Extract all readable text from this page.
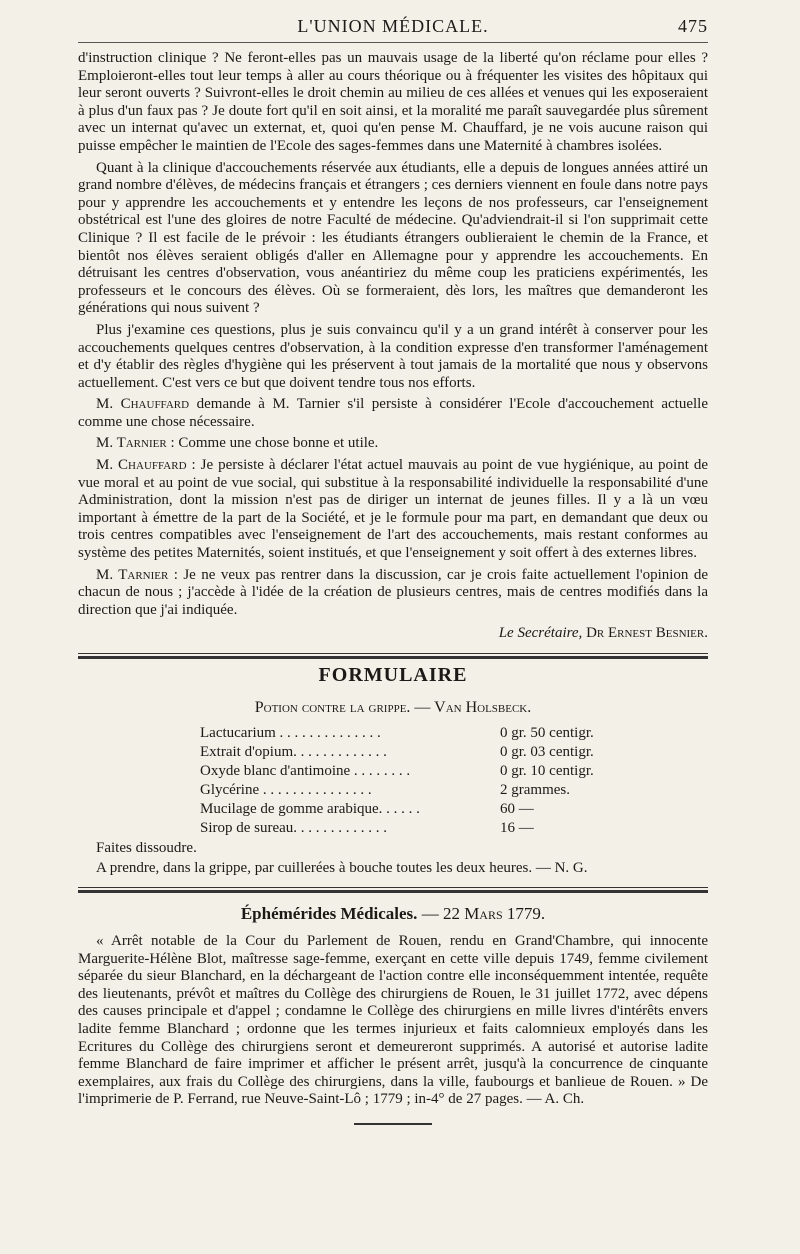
L'UNION MÉDICALE.	475

d'instruction clinique ? Ne feront-elles pas un mauvais usage de la liberté qu'on réclame pour elles ? Emploieront-elles tout leur temps à aller au cours théorique ou à fréquenter les visites des hôpitaux qui leur seront ouverts ? Suivront-elles le droit chemin au milieu de ces allées et venues qui les exposeraient à plus d'un faux pas ? Je doute fort qu'il en soit ainsi, et la moralité me paraît sauvegardée plus sûrement avec un internat qu'avec un externat, et, quoi qu'en pense M. Chauffard, je ne vois aucune raison qui puisse empêcher le maintien de l'Ecole des sages-femmes dans une Maternité à chambres isolées.

Quant à la clinique d'accouchements réservée aux étudiants, elle a depuis de longues années attiré un grand nombre d'élèves, de médecins français et étrangers ; ces derniers viennent en foule dans notre pays pour y apprendre les accouchements et y entendre les leçons de nos professeurs, car l'enseignement obstétrical est l'une des gloires de notre Faculté de médecine. Qu'adviendrait-il si l'on supprimait cette Clinique ? Il est facile de le prévoir : les étudiants étrangers oublieraient le chemin de la France, et bientôt nos élèves seraient obligés d'aller en Allemagne pour y apprendre les accouchements. En détruisant les centres d'observation, vous anéantiriez du même coup les praticiens expérimentés, les professeurs et le concours des élèves. Où se formeraient, dès lors, les maîtres que demanderont les générations qui nous suivent ?

Plus j'examine ces questions, plus je suis convaincu qu'il y a un grand intérêt à conserver pour les accouchements quelques centres d'observation, à la condition expresse d'en transformer l'aménagement et d'y établir des règles d'hygiène qui les préservent à tout jamais de la mortalité que nous y observons actuellement. C'est vers ce but que doivent tendre tous nos efforts.

M. Chauffard demande à M. Tarnier s'il persiste à considérer l'Ecole d'accouchement actuelle comme une chose nécessaire.

M. Tarnier : Comme une chose bonne et utile.

M. Chauffard : Je persiste à déclarer l'état actuel mauvais au point de vue hygiénique, au point de vue moral et au point de vue social, qui substitue à la responsabilité individuelle la responsabilité d'une Administration, dont la mission n'est pas de diriger un internat de jeunes filles. Il y a là un vœu important à émettre de la part de la Société, et je le formule pour ma part, en demandant que deux ou trois centres compatibles avec l'enseignement de l'art des accouchements, mais restant conformes au système des petites Maternités, soient institués, et que l'enseignement y soit offert à des externes libres.

M. Tarnier : Je ne veux pas rentrer dans la discussion, car je crois faite actuellement l'opinion de chacun de nous ; j'accède à l'idée de la création de plusieurs centres, mais de centres modifiés dans la direction que j'ai indiquée.

Le Secrétaire, Dr Ernest Besnier.
FORMULAIRE
Potion contre la grippe. — Van Holsbeck.
Lactucarium . . . . . . . . . . . . . .	0 gr. 50 centigr.
Extrait d'opium. . . . . . . . . . . . .	0 gr. 03 centigr.
Oxyde blanc d'antimoine . . . . . . . .	0 gr. 10 centigr.
Glycérine . . . . . . . . . . . . . . .	2 grammes.
Mucilage de gomme arabique. . . . . .	60 —
Sirop de sureau. . . . . . . . . . . . .	16 —
Faites dissoudre.
A prendre, dans la grippe, par cuillerées à bouche toutes les deux heures. — N. G.
Éphémérides Médicales. — 22 Mars 1779.

« Arrêt notable de la Cour du Parlement de Rouen, rendu en Grand'Chambre, qui innocente Marguerite-Hélène Blot, maîtresse sage-femme, exerçant en cette ville depuis 1749, femme civilement séparée du sieur Blanchard, en la déchargeant de l'action contre elle inconséquemment intentée, requête des lieutenants, prévôt et maîtres du Collège des chirurgiens de Rouen, le 31 juillet 1772, avec dépens des causes principale et d'appel ; condamne le Collège des chirurgiens en mille livres d'intérêts envers ladite femme Blanchard ; ordonne que les termes injurieux et faits calomnieux employés dans les Ecritures du Collège des chirurgiens seront et demeureront supprimés. A autorisé et autorise ladite femme Blanchard de faire imprimer et afficher le présent arrêt, jusqu'à la concurrence de cinquante exemplaires, aux frais du Collège des chirurgiens, dans la ville, faubourgs et banlieue de Rouen. » De l'imprimerie de P. Ferrand, rue Neuve-Saint-Lô ; 1779 ; in-4° de 27 pages. — A. Ch.
